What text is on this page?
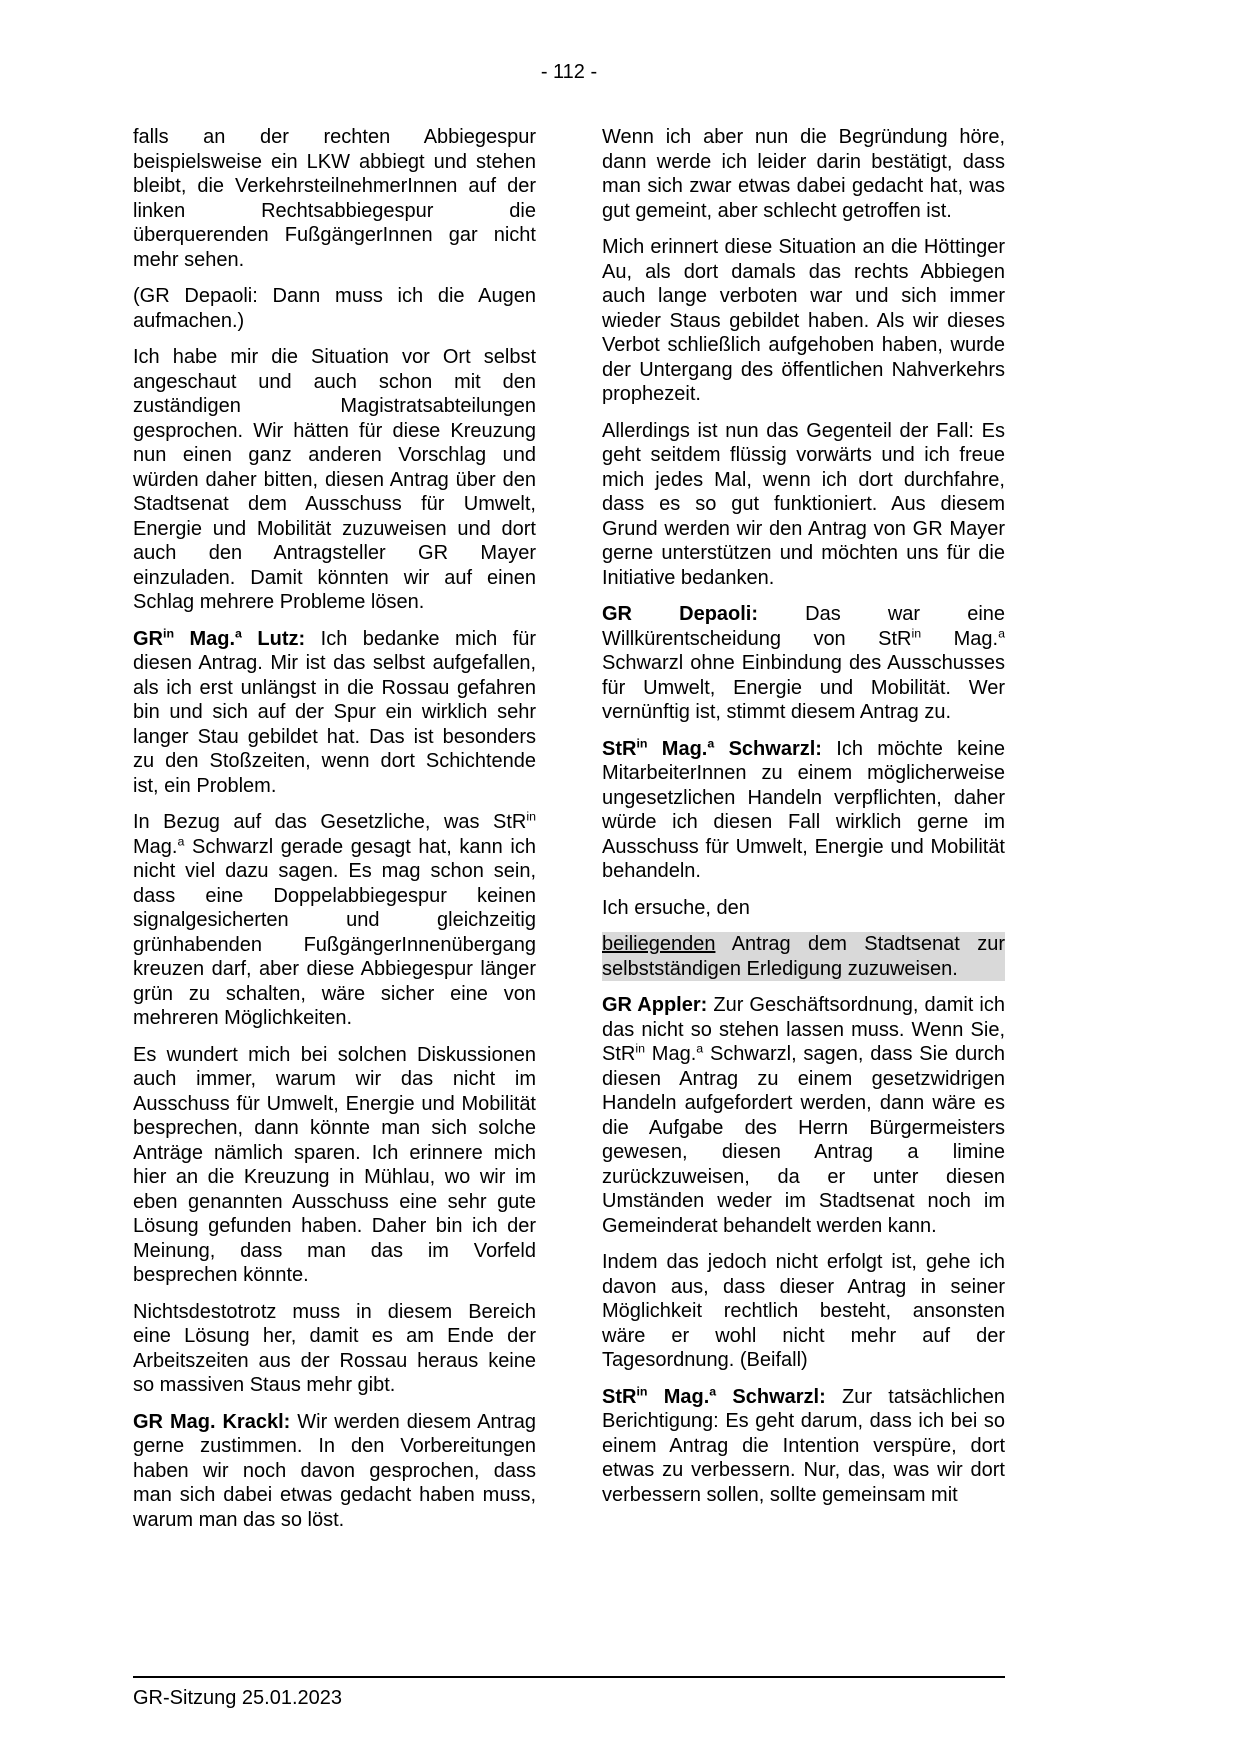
- 112 -

falls an der rechten Abbiegespur beispielsweise ein LKW abbiegt und stehen bleibt, die VerkehrsteilnehmerInnen auf der linken Rechtsabbiegespur die überquerenden FußgängerInnen gar nicht mehr sehen.

(GR Depaoli: Dann muss ich die Augen aufmachen.)

Ich habe mir die Situation vor Ort selbst angeschaut und auch schon mit den zuständigen Magistratsabteilungen gesprochen. Wir hätten für diese Kreuzung nun einen ganz anderen Vorschlag und würden daher bitten, diesen Antrag über den Stadtsenat dem Ausschuss für Umwelt, Energie und Mobilität zuzuweisen und dort auch den Antragsteller GR Mayer einzuladen. Damit könnten wir auf einen Schlag mehrere Probleme lösen.

$GR^{in}$ Mag.$^a$ Lutz: Ich bedanke mich für diesen Antrag. Mir ist das selbst aufgefallen, als ich erst unlängst in die Rossau gefahren bin und sich auf der Spur ein wirklich sehr langer Stau gebildet hat. Das ist besonders zu den Stoßzeiten, wenn dort Schichtende ist, ein Problem.

In Bezug auf das Gesetzliche, was StR$^{in}$ Mag.$^a$ Schwarzl gerade gesagt hat, kann ich nicht viel dazu sagen. Es mag schon sein, dass eine Doppelabbiegespur keinen signalgesicherten und gleichzeitig grünhabenden FußgängerInnenübergang kreuzen darf, aber diese Abbiegespur länger grün zu schalten, wäre sicher eine von mehreren Möglichkeiten.

Es wundert mich bei solchen Diskussionen auch immer, warum wir das nicht im Ausschuss für Umwelt, Energie und Mobilität besprechen, dann könnte man sich solche Anträge nämlich sparen. Ich erinnere mich hier an die Kreuzung in Mühlau, wo wir im eben genannten Ausschuss eine sehr gute Lösung gefunden haben. Daher bin ich der Meinung, dass man das im Vorfeld besprechen könnte.

Nichtsdestotrotz muss in diesem Bereich eine Lösung her, damit es am Ende der Arbeitszeiten aus der Rossau heraus keine so massiven Staus mehr gibt.

GR Mag. Krackl: Wir werden diesem Antrag gerne zustimmen. In den Vorbereitungen haben wir noch davon gesprochen, dass man sich dabei etwas gedacht haben muss, warum man das so löst.

Wenn ich aber nun die Begründung höre, dann werde ich leider darin bestätigt, dass man sich zwar etwas dabei gedacht hat, was gut gemeint, aber schlecht getroffen ist.

Mich erinnert diese Situation an die Höttinger Au, als dort damals das rechts Abbiegen auch lange verboten war und sich immer wieder Staus gebildet haben. Als wir dieses Verbot schließlich aufgehoben haben, wurde der Untergang des öffentlichen Nahverkehrs prophezeit.

Allerdings ist nun das Gegenteil der Fall: Es geht seitdem flüssig vorwärts und ich freue mich jedes Mal, wenn ich dort durchfahre, dass es so gut funktioniert. Aus diesem Grund werden wir den Antrag von GR Mayer gerne unterstützen und möchten uns für die Initiative bedanken.

GR Depaoli: Das war eine Willkürentscheidung von StR$^{in}$ Mag.$^a$ Schwarzl ohne Einbindung des Ausschusses für Umwelt, Energie und Mobilität. Wer vernünftig ist, stimmt diesem Antrag zu.

StR$^{in}$ Mag.$^a$ Schwarzl: Ich möchte keine MitarbeiterInnen zu einem möglicherweise ungesetzlichen Handeln verpflichten, daher würde ich diesen Fall wirklich gerne im Ausschuss für Umwelt, Energie und Mobilität behandeln.

Ich ersuche, den

beiliegenden Antrag dem Stadtsenat zur selbstständigen Erledigung zuzuweisen.

GR Appler: Zur Geschäftsordnung, damit ich das nicht so stehen lassen muss. Wenn Sie, StR$^{in}$ Mag.$^a$ Schwarzl, sagen, dass Sie durch diesen Antrag zu einem gesetzwidrigen Handeln aufgefordert werden, dann wäre es die Aufgabe des Herrn Bürgermeisters gewesen, diesen Antrag a limine zurückzuweisen, da er unter diesen Umständen weder im Stadtsenat noch im Gemeinderat behandelt werden kann.

Indem das jedoch nicht erfolgt ist, gehe ich davon aus, dass dieser Antrag in seiner Möglichkeit rechtlich besteht, ansonsten wäre er wohl nicht mehr auf der Tagesordnung. (Beifall)

StR$^{in}$ Mag.$^a$ Schwarzl: Zur tatsächlichen Berichtigung: Es geht darum, dass ich bei so einem Antrag die Intention verspüre, dort etwas zu verbessern. Nur, das, was wir dort verbessern sollen, sollte gemeinsam mit

GR-Sitzung 25.01.2023
